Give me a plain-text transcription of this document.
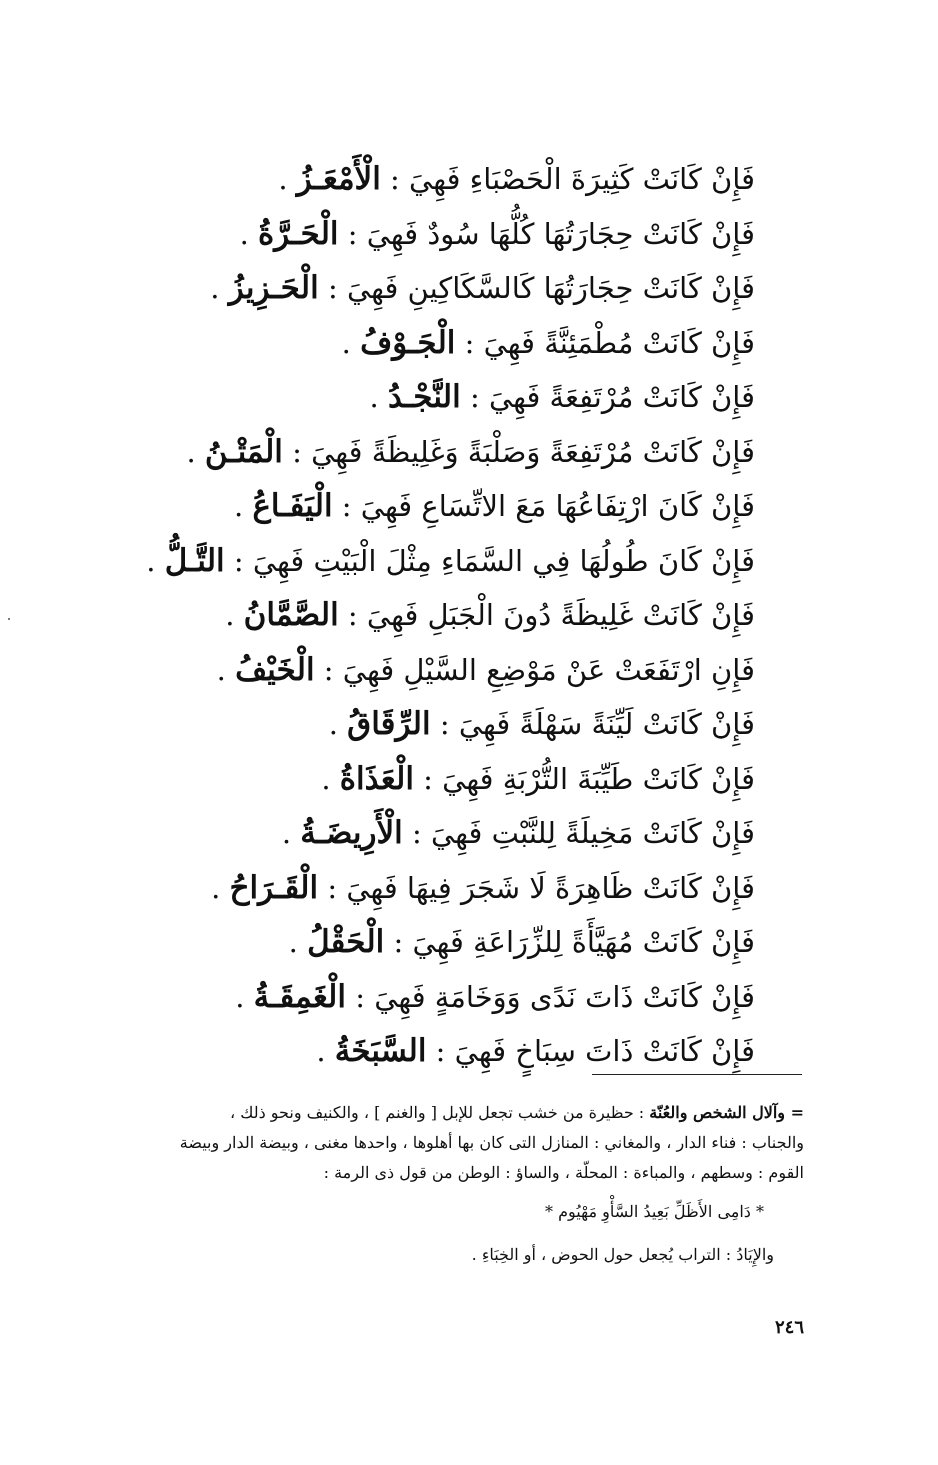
فَإِنْ كَانَتْ كَثِيرَةَ الْحَصْبَاءِ فَهِيَ : الْأَمْعَـزُ .
فَإِنْ كَانَتْ حِجَارَتُهَا كُلُّهَا سُودٌ فَهِيَ : الْحَـرَّةُ .
فَإِنْ كَانَتْ حِجَارَتُهَا كَالسَّكَاكِينِ فَهِيَ : الْحَـزِيزُ .
فَإِنْ كَانَتْ مُطْمَئِنَّةً فَهِيَ : الْجَـوْفُ .
فَإِنْ كَانَتْ مُرْتَفِعَةً فَهِيَ : النَّجْـدُ .
فَإِنْ كَانَتْ مُرْتَفِعَةً وَصَلْبَةً وَغَلِيظَةً فَهِيَ : الْمَتْـنُ .
فَإِنْ كَانَ ارْتِفَاعُهَا مَعَ الاتِّسَاعِ فَهِيَ : الْيَفَـاعُ .
فَإِنْ كَانَ طُولُهَا فِي السَّمَاءِ مِثْلَ الْبَيْتِ فَهِيَ : التَّـلُّ .
فَإِنْ كَانَتْ غَلِيظَةً دُونَ الْجَبَلِ فَهِيَ : الصَّمَّانُ .
فَإِنِ ارْتَفَعَتْ عَنْ مَوْضِعِ السَّيْلِ فَهِيَ : الْخَيْفُ .
فَإِنْ كَانَتْ لَيِّنَةً سَهْلَةً فَهِيَ : الرِّقَاقُ .
فَإِنْ كَانَتْ طَيِّبَةَ التُّرْبَةِ فَهِيَ : الْعَذَاةُ .
فَإِنْ كَانَتْ مَخِيلَةً لِلنَّبْتِ فَهِيَ : الْأَرِيضَـةُ .
فَإِنْ كَانَتْ ظَاهِرَةً لَا شَجَرَ فِيهَا فَهِيَ : الْقَـرَاحُ .
فَإِنْ كَانَتْ مُهَيَّأَةً لِلزِّرَاعَةِ فَهِيَ : الْحَقْلُ .
فَإِنْ كَانَتْ ذَاتَ نَدًى وَوَخَامَةٍ فَهِيَ : الْغَمِقَـةُ .
فَإِنْ كَانَتْ ذَاتَ سِبَاخٍ فَهِيَ : السَّبَخَةُ .
= وآلال الشخص والعُنّة : حظيرة من خشب تجعل للإبل [ والغنم ] ، والكنيف ونحو ذلك ،
والجناب : فناء الدار ، والمغاني : المنازل التى كان بها أهلوها ، واحدها مغنى ، وبيضة الدار وبيضة
القوم : وسطهم ، والمباءة : المحلّة ، والساؤ : الوطن من قول ذى الرمة :
* دَامِى الأَظَلِّ بَعِيدُ السَّأْوِ مَهْيُوم *
والإِيَادُ : التراب يُجعل حول الحوض ، أو الخِبَاءِ .
٢٤٦
